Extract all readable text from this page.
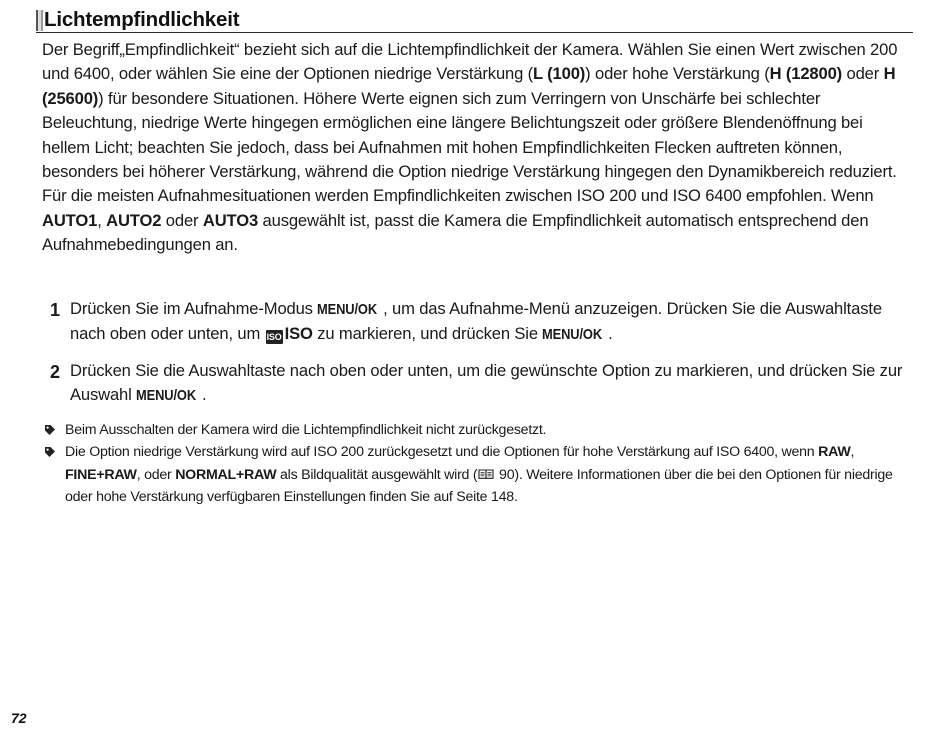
Lichtempfindlichkeit
Der Begriff„Empfindlichkeit“ bezieht sich auf die Lichtempfindlichkeit der Kamera. Wählen Sie einen Wert zwischen 200 und 6400, oder wählen Sie eine der Optionen niedrige Verstärkung (L (100)) oder hohe Verstärkung (H (12800) oder H (25600)) für besondere Situationen. Höhere Werte eignen sich zum Verringern von Unschärfe bei schlechter Beleuchtung, niedrige Werte hingegen ermöglichen eine längere Belichtungszeit oder größere Blendenöffnung bei hellem Licht; beachten Sie jedoch, dass bei Aufnahmen mit hohen Empfindlichkeiten Flecken auftreten können, besonders bei höherer Verstärkung, während die Option niedrige Verstärkung hingegen den Dynamikbereich reduziert. Für die meisten Aufnahmesituationen werden Empfindlichkeiten zwischen ISO 200 und ISO 6400 empfohlen. Wenn AUTO1, AUTO2 oder AUTO3 ausgewählt ist, passt die Kamera die Empfindlichkeit automatisch entsprechend den Aufnahmebedingungen an.
1 Drücken Sie im Aufnahme-Modus MENU/OK , um das Aufnahme-Menü anzuzeigen. Drücken Sie die Auswahltaste nach oben oder unten, um ISO ISO zu markieren, und drücken Sie MENU/OK .
2 Drücken Sie die Auswahltaste nach oben oder unten, um die gewünschte Option zu markieren, und drücken Sie zur Auswahl MENU/OK .
Beim Ausschalten der Kamera wird die Lichtempfindlichkeit nicht zurückgesetzt.
Die Option niedrige Verstärkung wird auf ISO 200 zurückgesetzt und die Optionen für hohe Verstärkung auf ISO 6400, wenn RAW, FINE+RAW, oder NORMAL+RAW als Bildqualität ausgewählt wird ( 90). Weitere Informationen über die bei den Optionen für niedrige oder hohe Verstärkung verfügbaren Einstellungen finden Sie auf Seite 148.
72
